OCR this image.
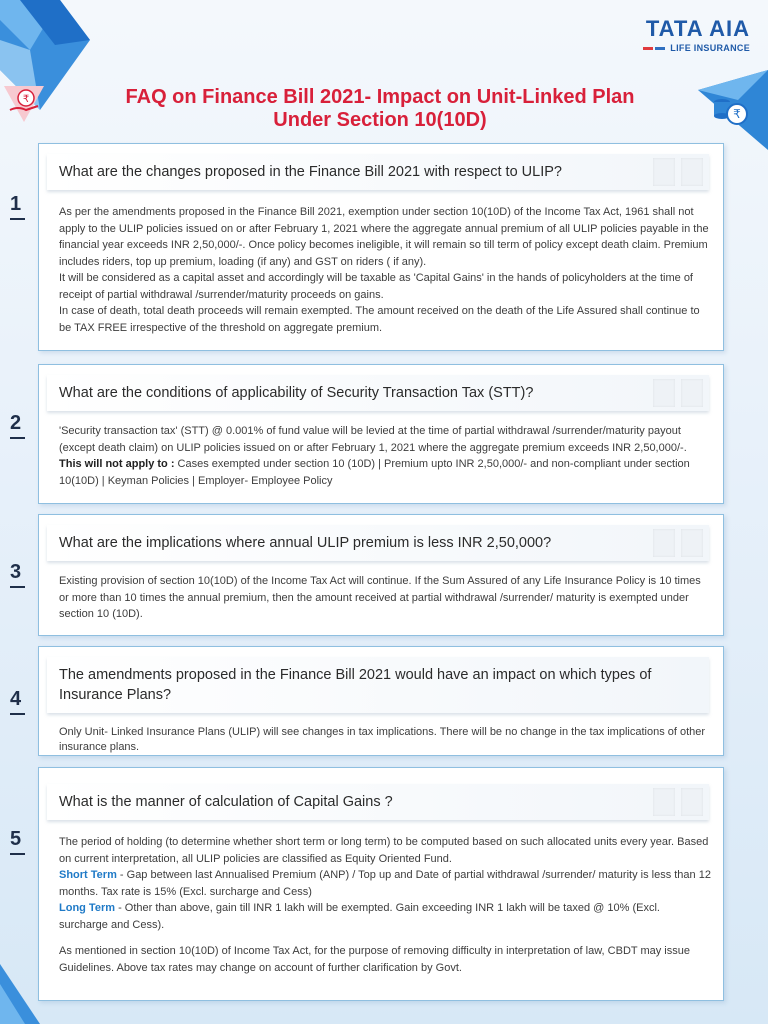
TATA AIA
LIFE INSURANCE
₹
₹
FAQ on Finance Bill 2021- Impact on Unit-Linked Plan
Under Section 10(10D)
1
What are the changes proposed in the Finance Bill 2021 with respect to ULIP?

As per the amendments proposed in the Finance Bill 2021, exemption under section 10(10D) of the Income Tax Act, 1961 shall not apply to the ULIP policies issued on or after February 1, 2021 where the aggregate annual premium of all ULIP policies payable in the financial year exceeds INR 2,50,000/-. Once policy becomes ineligible, it will remain so till term of policy except death claim. Premium includes riders, top up premium, loading (if any) and GST on riders ( if any).

It will be considered as a capital asset and accordingly will be taxable as 'Capital Gains' in the hands of policyholders at the time of receipt of partial withdrawal /surrender/maturity proceeds on gains.

In case of death, total death proceeds will remain exempted. The amount received on the death of the Life Assured shall continue to be TAX FREE irrespective of the threshold on aggregate premium.

2
What are the conditions of applicability of Security Transaction Tax (STT)?

'Security transaction tax' (STT) @ 0.001% of fund value will be levied at the time of partial withdrawal /surrender/maturity payout (except death claim) on ULIP policies issued on or after February 1, 2021 where the aggregate premium exceeds INR 2,50,000/-. This will not apply to : Cases exempted under section 10 (10D) | Premium upto INR 2,50,000/- and non-compliant under section 10(10D) | Keyman Policies | Employer- Employee Policy

3
What are the implications where annual ULIP premium is less INR 2,50,000?

Existing provision of section 10(10D) of the Income Tax Act will continue. If the Sum Assured of any Life Insurance Policy is 10 times or more than 10 times the annual premium, then the amount received at partial withdrawal /surrender/ maturity is exempted under section 10 (10D).

4
The amendments proposed in the Finance Bill 2021 would have an impact on which types of Insurance Plans?

Only Unit- Linked Insurance Plans (ULIP) will see changes in tax implications. There will be no change in the tax implications of other insurance plans.

5
What is the manner of calculation of Capital Gains ?

The period of holding (to determine whether short term or long term) to be computed based on such allocated units every year. Based on current interpretation, all ULIP policies are classified as Equity Oriented Fund.

Short Term - Gap between last Annualised Premium (ANP) / Top up and Date of partial withdrawal /surrender/ maturity is less than 12 months. Tax rate is 15% (Excl. surcharge and Cess)

Long Term - Other than above, gain till INR 1 lakh will be exempted. Gain exceeding INR 1 lakh will be taxed @ 10% (Excl. surcharge and Cess).

As mentioned in section 10(10D) of Income Tax Act, for the purpose of removing difficulty in interpretation of law, CBDT may issue Guidelines. Above tax rates may change on account of further clarification by Govt.
